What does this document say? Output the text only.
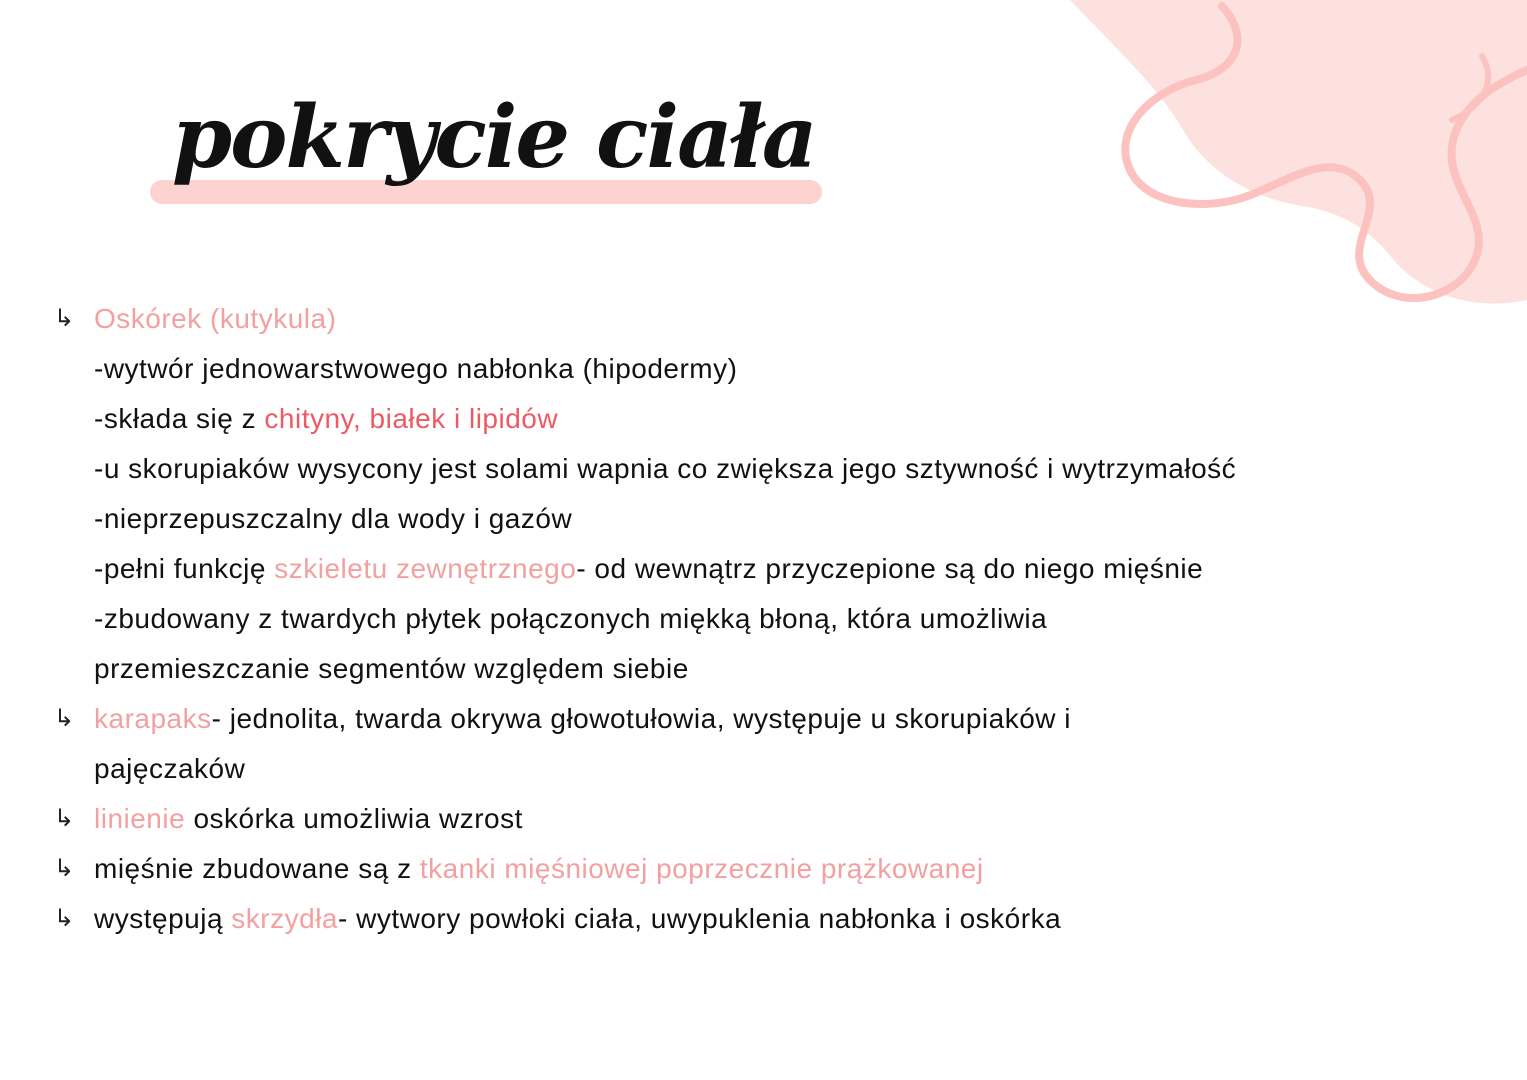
pokrycie ciała
↳ Oskórek (kutykula)
-wytwór jednowarstwowego nabłonka (hipodermy)
-składa się z chityny, białek i lipidów
-u skorupiaków wysycony jest solami wapnia co zwiększa jego sztywność i wytrzymałość
-nieprzepuszczalny dla wody i gazów
-pełni funkcję szkieletu zewnętrznego- od wewnątrz przyczepione są do niego mięśnie
-zbudowany z twardych płytek połączonych miękką błoną, która umożliwia
przemieszczanie segmentów względem siebie
↳ karapaks- jednolita, twarda okrywa głowotułowia, występuje u skorupiaków i
pajęczaków
↳ linienie oskórka umożliwia wzrost
↳ mięśnie zbudowane są z tkanki mięśniowej poprzecznie prążkowanej
↳ występują skrzydła- wytwory powłoki ciała, uwypuklenia nabłonka i oskórka
